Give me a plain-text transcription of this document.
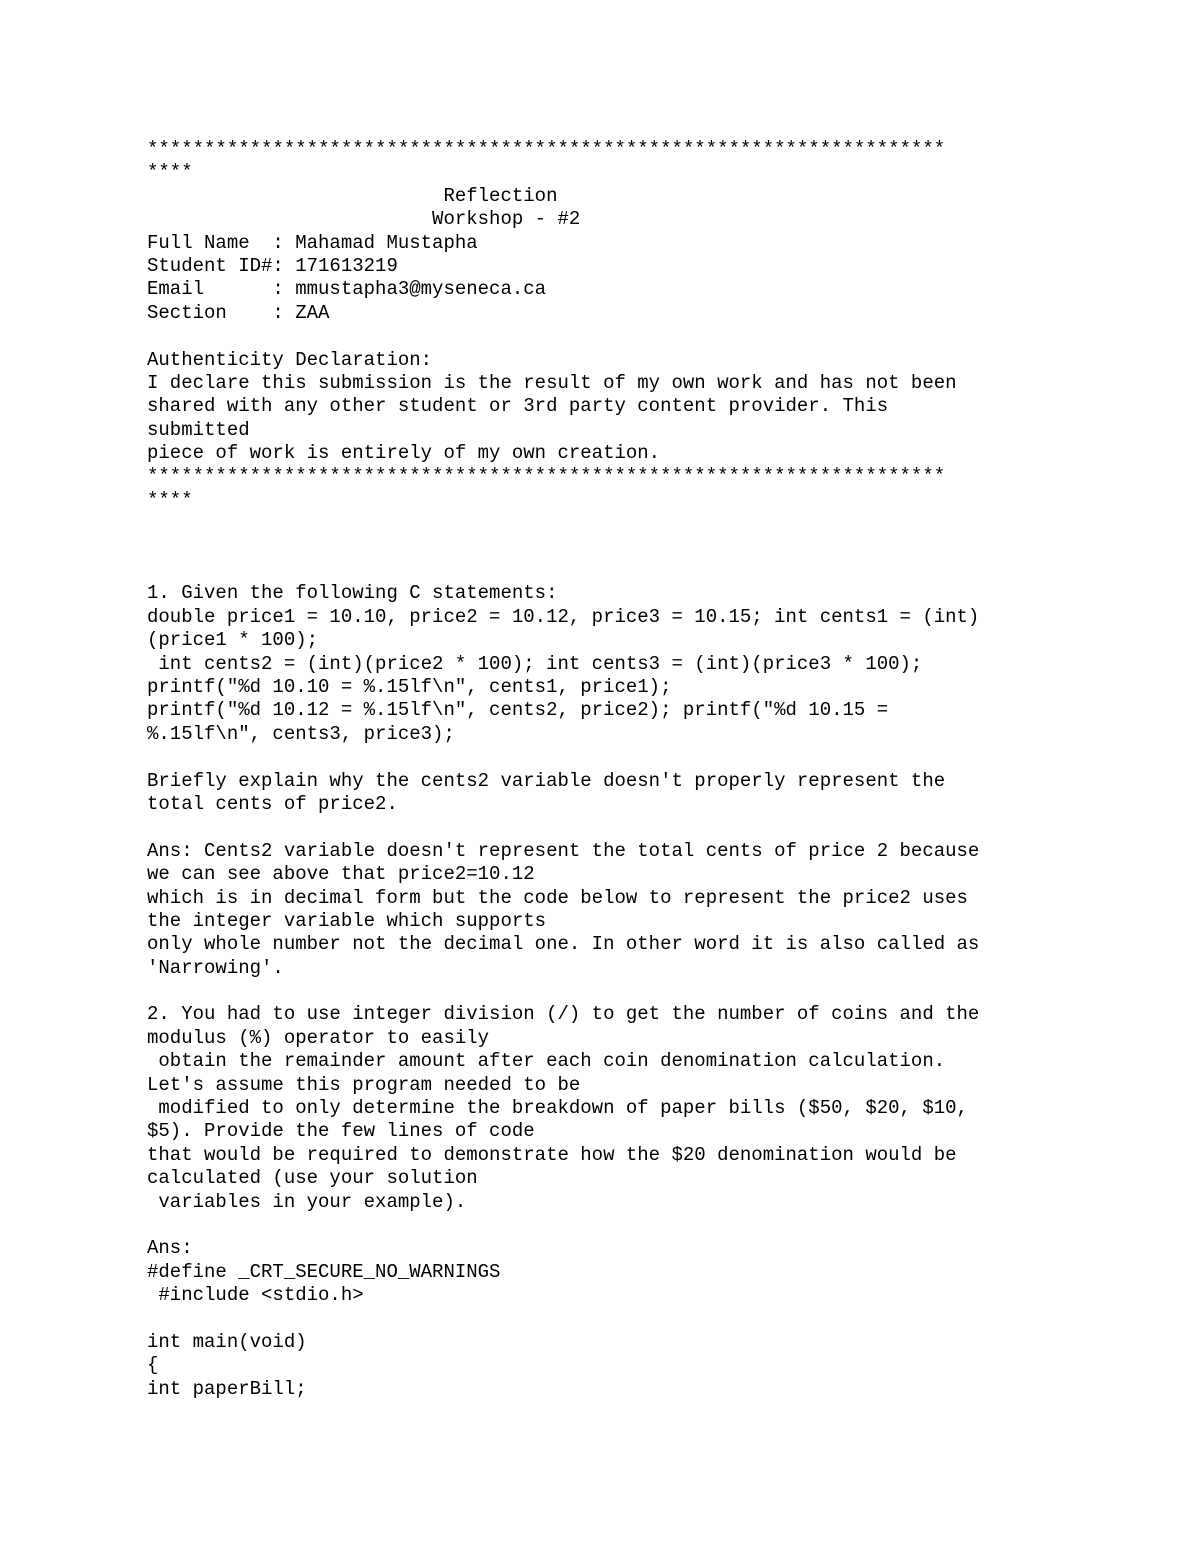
**********************************************************************
****
Reflection
Workshop - #2
Full Name  : Mahamad Mustapha
Student ID#: 171613219
Email      : mmustapha3@myseneca.ca
Section    : ZAA
Authenticity Declaration:
I declare this submission is the result of my own work and has not been
shared with any other student or 3rd party content provider. This
submitted
piece of work is entirely of my own creation.
**********************************************************************
****
1. Given the following C statements:
double price1 = 10.10, price2 = 10.12, price3 = 10.15; int cents1 = (int)
(price1 * 100);
int cents2 = (int)(price2 * 100); int cents3 = (int)(price3 * 100);
printf("%d 10.10 = %.15lf\n", cents1, price1);
printf("%d 10.12 = %.15lf\n", cents2, price2); printf("%d 10.15 =
%.15lf\n", cents3, price3);
Briefly explain why the cents2 variable doesn't properly represent the
total cents of price2.
Ans: Cents2 variable doesn't represent the total cents of price 2 because
we can see above that price2=10.12
which is in decimal form but the code below to represent the price2 uses
the integer variable which supports
only whole number not the decimal one. In other word it is also called as
'Narrowing'.
2. You had to use integer division (/) to get the number of coins and the
modulus (%) operator to easily
obtain the remainder amount after each coin denomination calculation.
Let's assume this program needed to be
modified to only determine the breakdown of paper bills ($50, $20, $10,
$5). Provide the few lines of code
that would be required to demonstrate how the $20 denomination would be
calculated (use your solution
variables in your example).
Ans:
#define _CRT_SECURE_NO_WARNINGS
#include <stdio.h>
int main(void)
{
int paperBill;
